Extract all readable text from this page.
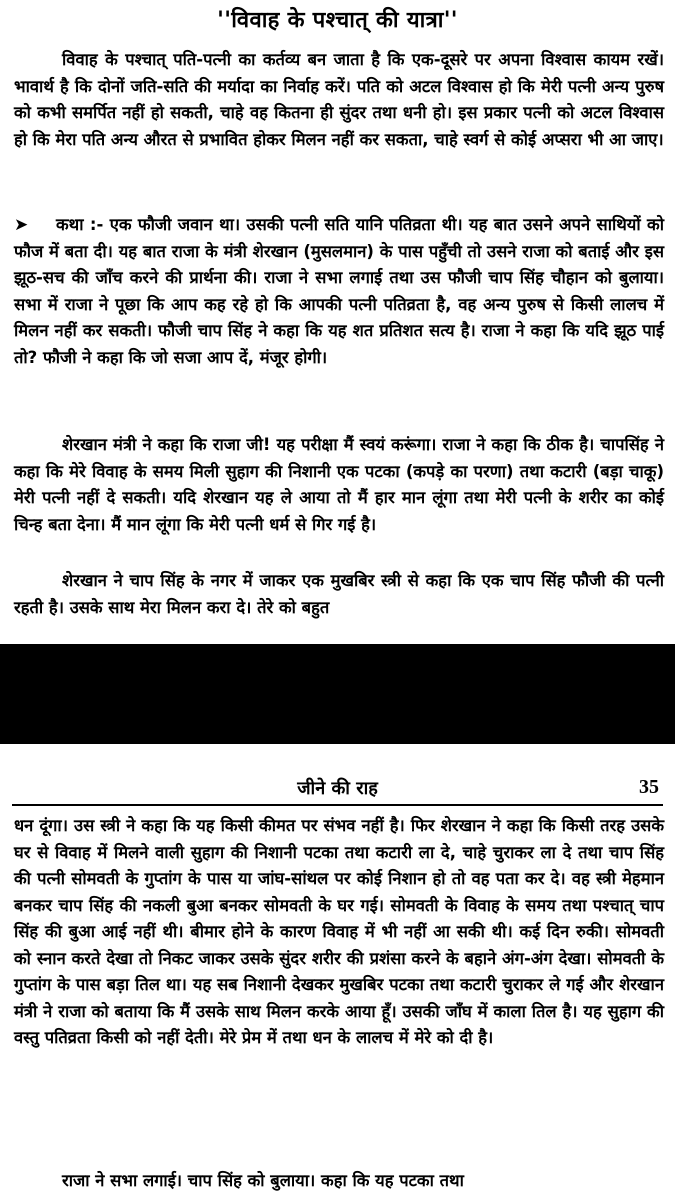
''विवाह के पश्चात् की यात्रा''
विवाह के पश्चात् पति-पत्नी का कर्तव्य बन जाता है कि एक-दूसरे पर अपना विश्वास कायम रखें। भावार्थ है कि दोनों जति-सति की मर्यादा का निर्वाह करें। पति को अटल विश्वास हो कि मेरी पत्नी अन्य पुरुष को कभी समर्पित नहीं हो सकती, चाहे वह कितना ही सुंदर तथा धनी हो। इस प्रकार पत्नी को अटल विश्वास हो कि मेरा पति अन्य औरत से प्रभावित होकर मिलन नहीं कर सकता, चाहे स्वर्ग से कोई अप्सरा भी आ जाए।
➤ कथा :- एक फौजी जवान था। उसकी पत्नी सति यानि पतिव्रता थी। यह बात उसने अपने साथियों को फौज में बता दी। यह बात राजा के मंत्री शेरखान (मुसलमान) के पास पहुँची तो उसने राजा को बताई और इस झूठ-सच की जाँच करने की प्रार्थना की। राजा ने सभा लगाई तथा उस फौजी चाप सिंह चौहान को बुलाया। सभा में राजा ने पूछा कि आप कह रहे हो कि आपकी पत्नी पतिव्रता है, वह अन्य पुरुष से किसी लालच में मिलन नहीं कर सकती। फौजी चाप सिंह ने कहा कि यह शत प्रतिशत सत्य है। राजा ने कहा कि यदि झूठ पाई तो? फौजी ने कहा कि जो सजा आप दें, मंजूर होगी।
शेरखान मंत्री ने कहा कि राजा जी! यह परीक्षा मैं स्वयं करूंगा। राजा ने कहा कि ठीक है। चापसिंह ने कहा कि मेरे विवाह के समय मिली सुहाग की निशानी एक पटका (कपड़े का परणा) तथा कटारी (बड़ा चाकू) मेरी पत्नी नहीं दे सकती। यदि शेरखान यह ले आया तो मैं हार मान लूंगा तथा मेरी पत्नी के शरीर का कोई चिन्ह बता देना। मैं मान लूंगा कि मेरी पत्नी धर्म से गिर गई है।
शेरखान ने चाप सिंह के नगर में जाकर एक मुखबिर स्त्री से कहा कि एक चाप सिंह फौजी की पत्नी रहती है। उसके साथ मेरा मिलन करा दे। तेरे को बहुत
जीने की राह	35
धन दूंगा। उस स्त्री ने कहा कि यह किसी कीमत पर संभव नहीं है। फिर शेरखान ने कहा कि किसी तरह उसके घर से विवाह में मिलने वाली सुहाग की निशानी पटका तथा कटारी ला दे, चाहे चुराकर ला दे तथा चाप सिंह की पत्नी सोमवती के गुप्तांग के पास या जांघ-सांथल पर कोई निशान हो तो वह पता कर दे। वह स्त्री मेहमान बनकर चाप सिंह की नकली बुआ बनकर सोमवती के घर गई। सोमवती के विवाह के समय तथा पश्चात् चाप सिंह की बुआ आई नहीं थी। बीमार होने के कारण विवाह में भी नहीं आ सकी थी। कई दिन रुकी। सोमवती को स्नान करते देखा तो निकट जाकर उसके सुंदर शरीर की प्रशंसा करने के बहाने अंग-अंग देखा। सोमवती के गुप्तांग के पास बड़ा तिल था। यह सब निशानी देखकर मुखबिर पटका तथा कटारी चुराकर ले गई और शेरखान मंत्री ने राजा को बताया कि मैं उसके साथ मिलन करके आया हूँ। उसकी जाँघ में काला तिल है। यह सुहाग की वस्तु पतिव्रता किसी को नहीं देती। मेरे प्रेम में तथा धन के लालच में मेरे को दी है।
राजा ने सभा लगाई। चाप सिंह को बुलाया। कहा कि यह पटका तथा
